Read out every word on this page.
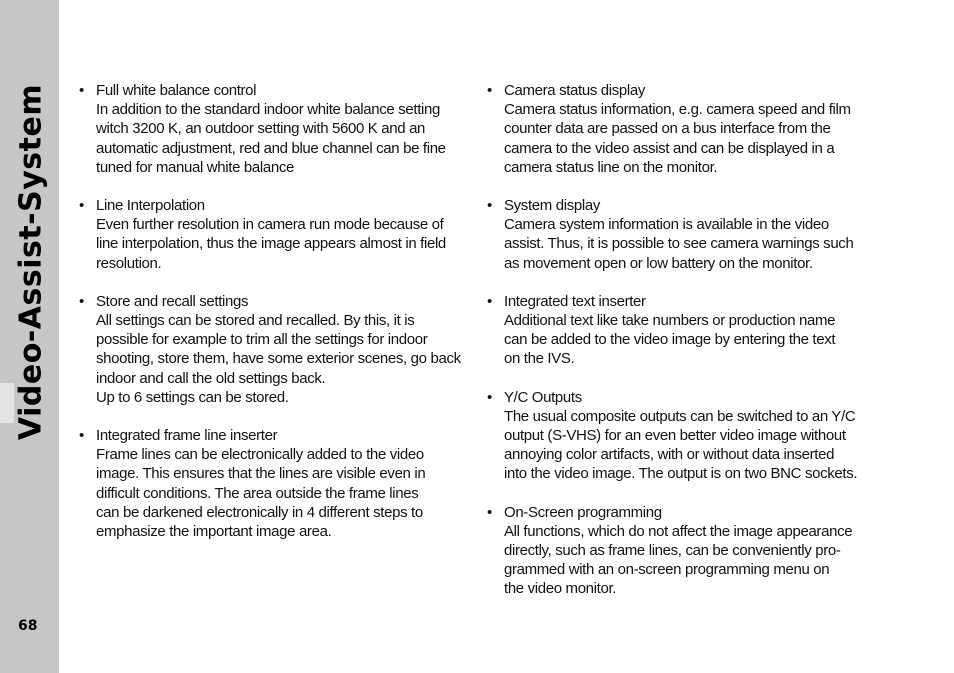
Video-Assist-System
68
• Full white balance control
In addition to the standard indoor white balance setting
witch 3200 K, an outdoor setting with 5600 K and an
automatic adjustment, red and blue channel can be fine
tuned for manual white balance
• Line Interpolation
Even further resolution in camera run mode because of
line interpolation, thus the image appears almost in field
resolution.
• Store and recall settings
All settings can be stored and recalled. By this, it is
possible for example to trim all the settings for indoor
shooting, store them, have some exterior scenes, go back
indoor and call the old settings back.
Up to 6 settings can be stored.
• Integrated frame line inserter
Frame lines can be electronically added to the video
image. This ensures that the lines are visible even in
difficult conditions. The area outside the frame lines
can be darkened electronically in 4 different steps to
emphasize the important image area.
• Camera status display
Camera status information, e.g. camera speed and film
counter data are passed on a bus interface from the
camera to the video assist and can be displayed in a
camera status line on the monitor.
• System display
Camera system information is available in the video
assist. Thus, it is possible to see camera warnings such
as movement open or low battery on the monitor.
• Integrated text inserter
Additional text like take numbers or production name
can be added to the video image by entering the text
on the IVS.
• Y/C Outputs
The usual composite outputs can be switched to an Y/C
output (S-VHS) for an even better video image without
annoying color artifacts, with or without data inserted
into the video image. The output is on two BNC sockets.
• On-Screen programming
All functions, which do not affect the image appearance
directly, such as frame lines, can be conveniently pro-
grammed with an on-screen programming menu on
the video monitor.
